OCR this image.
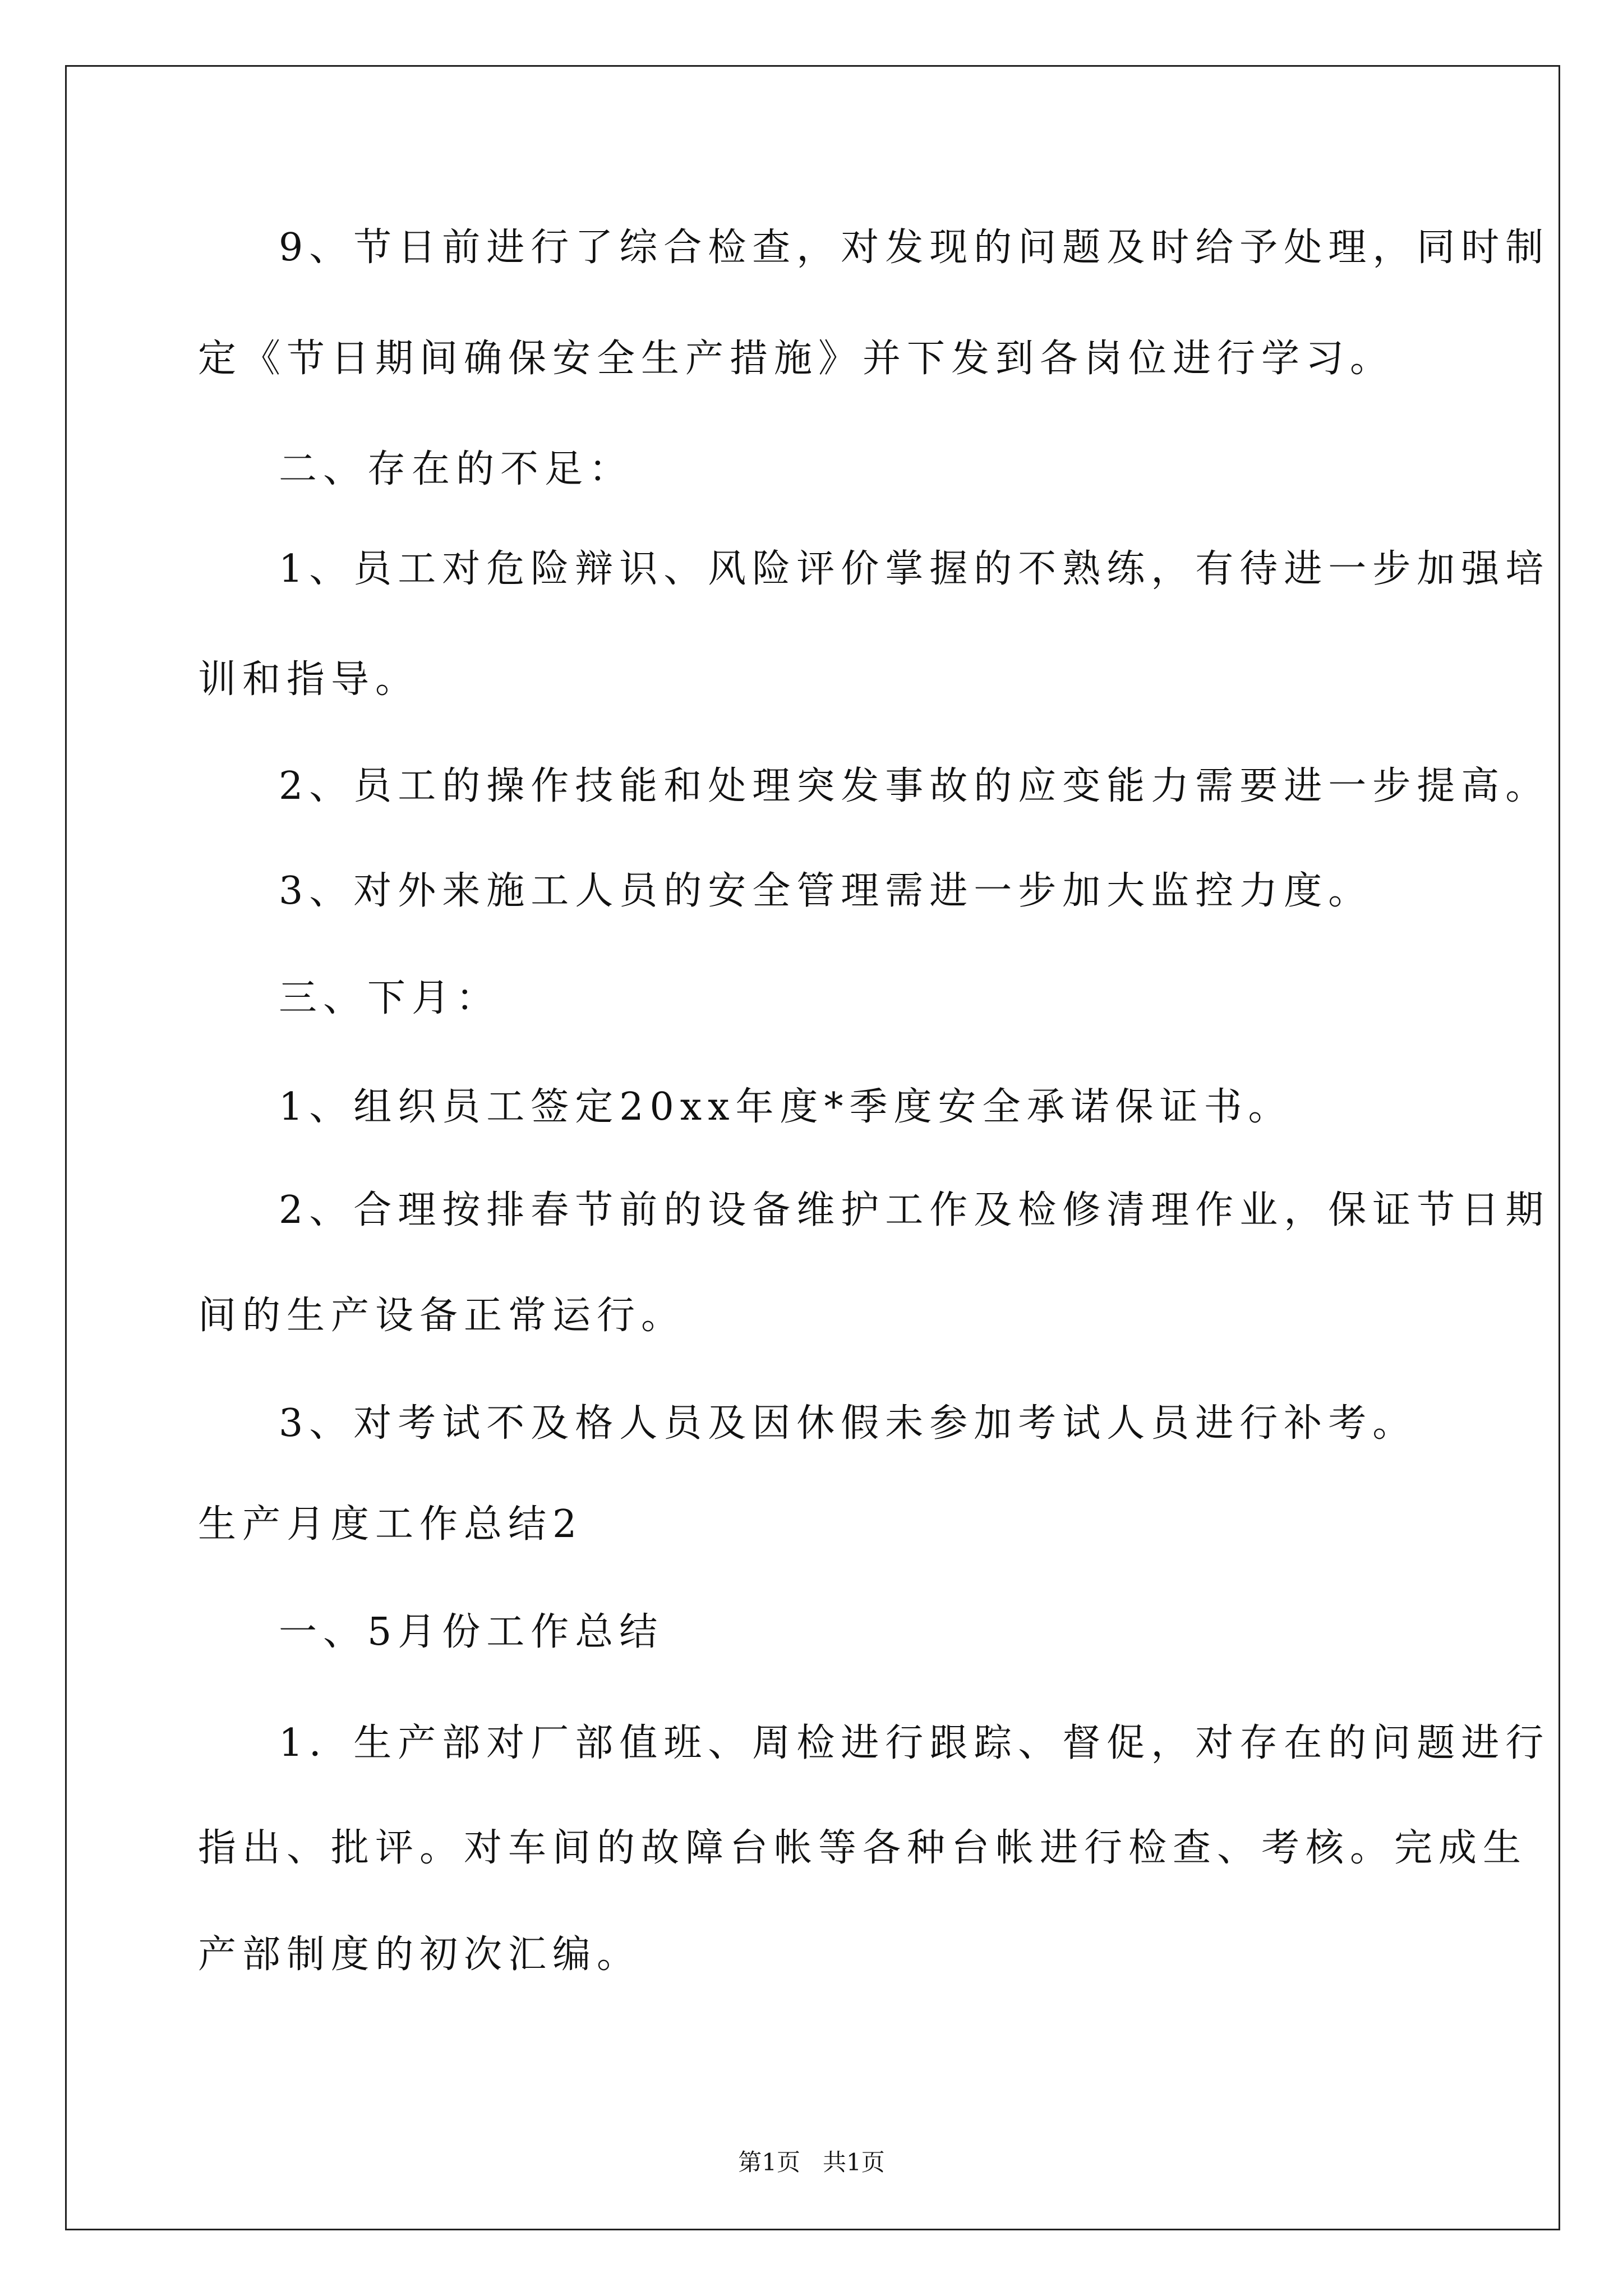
9、节日前进行了综合检查，对发现的问题及时给予处理，同时制

定《节日期间确保安全生产措施》并下发到各岗位进行学习。

二、存在的不足：

1、员工对危险辩识、风险评价掌握的不熟练，有待进一步加强培

训和指导。

2、员工的操作技能和处理突发事故的应变能力需要进一步提高。

3、对外来施工人员的安全管理需进一步加大监控力度。

三、下月：

1、组织员工签定20xx年度*季度安全承诺保证书。

2、合理按排春节前的设备维护工作及检修清理作业，保证节日期

间的生产设备正常运行。

3、对考试不及格人员及因休假未参加考试人员进行补考。

生产月度工作总结2

一、5月份工作总结

1．生产部对厂部值班、周检进行跟踪、督促，对存在的问题进行

指出、批评。对车间的故障台帐等各种台帐进行检查、考核。完成生

产部制度的初次汇编。

第1页   共1页
